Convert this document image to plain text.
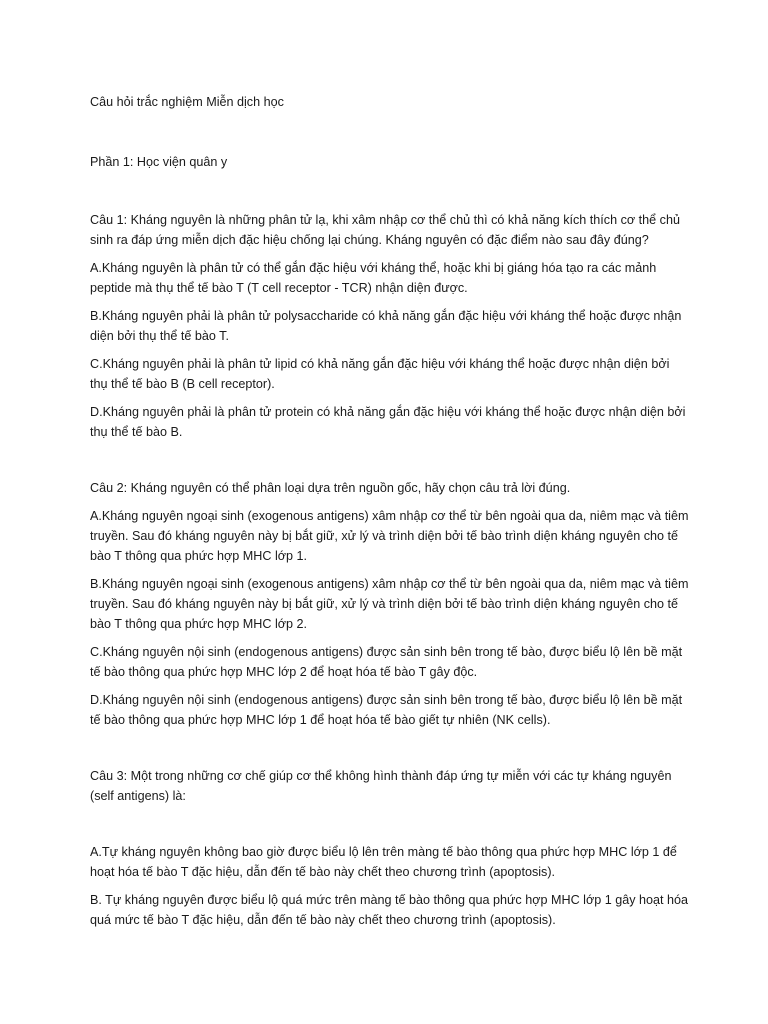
Câu hỏi trắc nghiệm Miễn dịch học

Phần 1: Học viện quân y

Câu 1: Kháng nguyên là những phân tử lạ, khi xâm nhập cơ thể chủ thì có khả năng kích thích cơ thể chủ sinh ra đáp ứng miễn dịch đặc hiệu chống lại chúng. Kháng nguyên có đặc điểm nào sau đây đúng?

A.Kháng nguyên là phân tử có thể gắn đặc hiệu với kháng thể, hoặc khi bị giáng hóa tạo ra các mảnh peptide mà thụ thể tế bào T (T cell receptor - TCR) nhận diện được.

B.Kháng nguyên phải là phân tử polysaccharide có khả năng gắn đặc hiệu với kháng thể hoặc được nhận diện bởi thụ thể tế bào T.

C.Kháng nguyên phải là phân tử lipid có khả năng gắn đặc hiệu với kháng thể hoặc được nhận diện bởi thụ thể tế bào B (B cell receptor).

D.Kháng nguyên phải là phân tử protein có khả năng gắn đặc hiệu với kháng thể hoặc được nhận diện bởi thụ thể tế bào B.

Câu 2: Kháng nguyên có thể phân loại dựa trên nguồn gốc, hãy chọn câu trả lời đúng.

A.Kháng nguyên ngoại sinh (exogenous antigens) xâm nhập cơ thể từ bên ngoài qua da, niêm mạc và tiêm truyền. Sau đó kháng nguyên này bị bắt giữ, xử lý và trình diện bởi tế bào trình diện kháng nguyên cho tế bào T thông qua phức hợp MHC lớp 1.

B.Kháng nguyên ngoại sinh (exogenous antigens) xâm nhập cơ thể từ bên ngoài qua da, niêm mạc và tiêm truyền. Sau đó kháng nguyên này bị bắt giữ, xử lý và trình diện bởi tế bào trình diện kháng nguyên cho tế bào T thông qua phức hợp MHC lớp 2.

C.Kháng nguyên nội sinh (endogenous antigens) được sản sinh bên trong tế bào, được biểu lộ lên bề mặt tế bào thông qua phức hợp MHC lớp 2 để hoạt hóa tế bào T gây độc.

D.Kháng nguyên nội sinh (endogenous antigens) được sản sinh bên trong tế bào, được biểu lộ lên bề mặt tế bào thông qua phức hợp MHC lớp 1 để hoạt hóa tế bào giết tự nhiên (NK cells).

Câu 3: Một trong những cơ chế giúp cơ thể không hình thành đáp ứng tự miễn với các tự kháng nguyên (self antigens) là:

A.Tự kháng nguyên không bao giờ được biểu lộ lên trên màng tế bào thông qua phức hợp MHC lớp 1 để hoạt hóa tế bào T đặc hiệu, dẫn đến tế bào này chết theo chương trình (apoptosis).

B. Tự kháng nguyên được biểu lộ quá mức trên màng tế bào thông qua phức hợp MHC lớp 1 gây hoạt hóa quá mức tế bào T đặc hiệu, dẫn đến tế bào này chết theo chương trình (apoptosis).
